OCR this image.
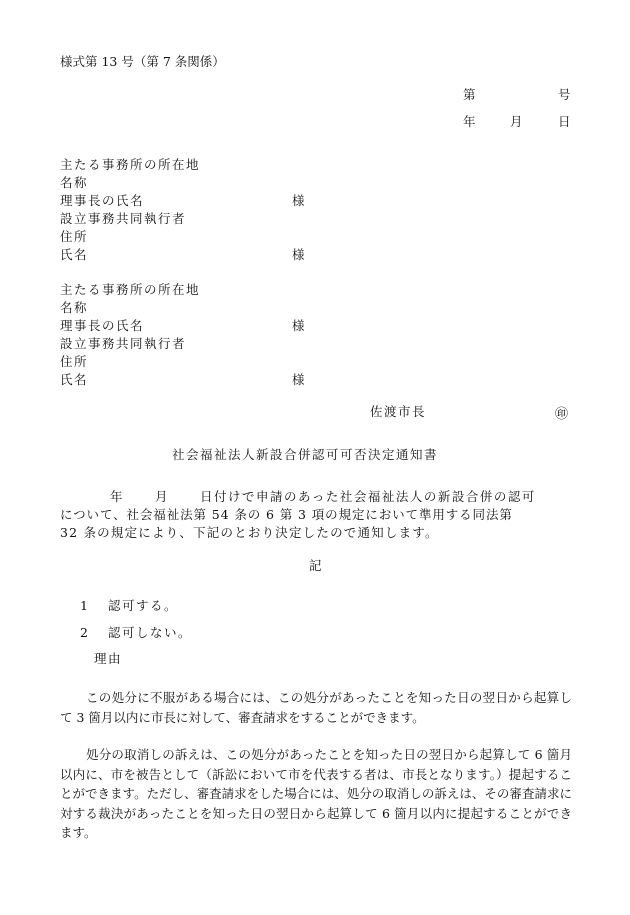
様式第 13 号（第 7 条関係）
第	号
年	月	日
主たる事務所の所在地
名称
理事長の氏名	様
設立事務共同執行者
住所
氏名	様
主たる事務所の所在地
名称
理事長の氏名	様
設立事務共同執行者
住所
氏名	様
佐渡市長	㊞
社会福祉法人新設合併認可可否決定通知書
年	月	日付けで申請のあった社会福祉法人の新設合併の認可
について、社会福祉法第 54 条の 6 第 3 項の規定において準用する同法第
32 条の規定により、下記のとおり決定したので通知します。
記
1 認可する。
2 認可しない。
理由
この処分に不服がある場合には、この処分があったことを知った日の翌日から起算して 3 箇月以内に市長に対して、審査請求をすることができます。
処分の取消しの訴えは、この処分があったことを知った日の翌日から起算して 6 箇月以内に、市を被告として（訴訟において市を代表する者は、市長となります。）提起することができます。ただし、審査請求をした場合には、処分の取消しの訴えは、その審査請求に対する裁決があったことを知った日の翌日から起算して 6 箇月以内に提起することができます。
